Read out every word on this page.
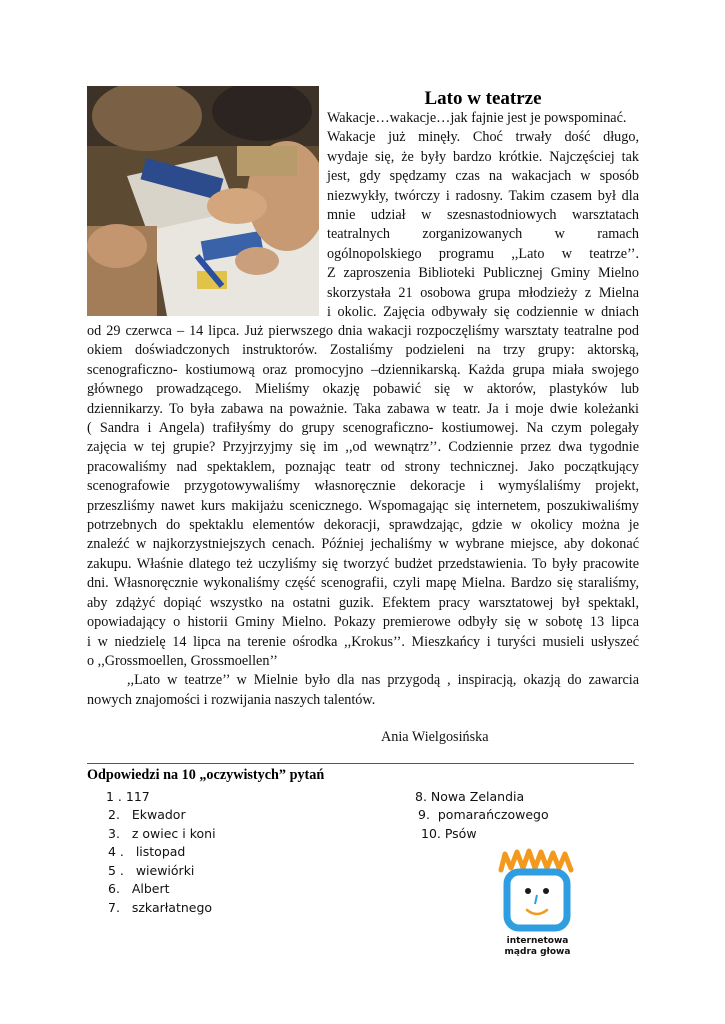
Lato w teatrze
Wakacje…wakacje…jak fajnie jest je powspominać.
Wakacje już minęły. Choć trwały dość długo,
wydaje się, że były bardzo krótkie. Najczęściej tak
jest, gdy spędzamy czas na wakacjach w sposób
niezwykły, twórczy i radosny. Takim czasem był dla
mnie udział w szesnastodniowych warsztatach
teatralnych zorganizowanych w ramach
ogólnopolskiego programu ,,Lato w teatrze’’.
Z zaproszenia Biblioteki Publicznej Gminy Mielno
skorzystała 21 osobowa grupa młodzieży z Mielna
i okolic. Zajęcia odbywały się codziennie w dniach
od 29 czerwca – 14 lipca. Już pierwszego dnia wakacji rozpoczęliśmy warsztaty teatralne pod
okiem doświadczonych instruktorów. Zostaliśmy podzieleni na trzy grupy: aktorską,
scenograficzno- kostiumową oraz promocyjno –dziennikarską. Każda grupa miała swojego
głównego prowadzącego. Mieliśmy okazję pobawić się w aktorów, plastyków lub
dziennikarzy. To była zabawa na poważnie. Taka zabawa w teatr. Ja i moje dwie koleżanki
( Sandra i Angela) trafiłyśmy do grupy scenograficzno- kostiumowej. Na czym polegały
zajęcia w tej grupie? Przyjrzyjmy się im ,,od wewnątrz’’. Codziennie przez dwa tygodnie
pracowaliśmy nad spektaklem, poznając teatr od strony technicznej. Jako początkujący
scenografowie przygotowywaliśmy własnoręcznie dekoracje i wymyślaliśmy projekt,
przeszliśmy nawet kurs makijażu scenicznego. Wspomagając się internetem, poszukiwaliśmy
potrzebnych do spektaklu elementów dekoracji, sprawdzając, gdzie w okolicy można je
znaleźć w najkorzystniejszych cenach. Później jechaliśmy w wybrane miejsce, aby dokonać
zakupu. Właśnie dlatego też uczyliśmy się tworzyć budżet przedstawienia. To były pracowite
dni. Własnoręcznie wykonaliśmy część scenografii, czyli mapę Mielna. Bardzo się staraliśmy,
aby zdążyć dopiąć wszystko na ostatni guzik. Efektem pracy warsztatowej był spektakl,
opowiadający o historii Gminy Mielno. Pokazy premierowe odbyły się w sobotę 13 lipca
i w niedzielę 14 lipca na terenie ośrodka ,,Krokus’’. Mieszkańcy i turyści musieli usłyszeć
o ,,Grossmoellen, Grossmoellen’’
,,Lato w teatrze’’ w Mielnie było dla nas przygodą , inspiracją, okazją do zawarcia
nowych znajomości i rozwijania naszych talentów.
Ania Wielgosińska
Odpowiedzi na 10 „oczywistych” pytań
1 . 117
2.   Ekwador
3.   z owiec i koni
4 .   listopad
5 .   wiewiórki
6.   Albert
7.   szkarłatnego
8. Nowa Zelandia
9.  pomarańczowego
10. Psów
internetowa
mądra głowa
